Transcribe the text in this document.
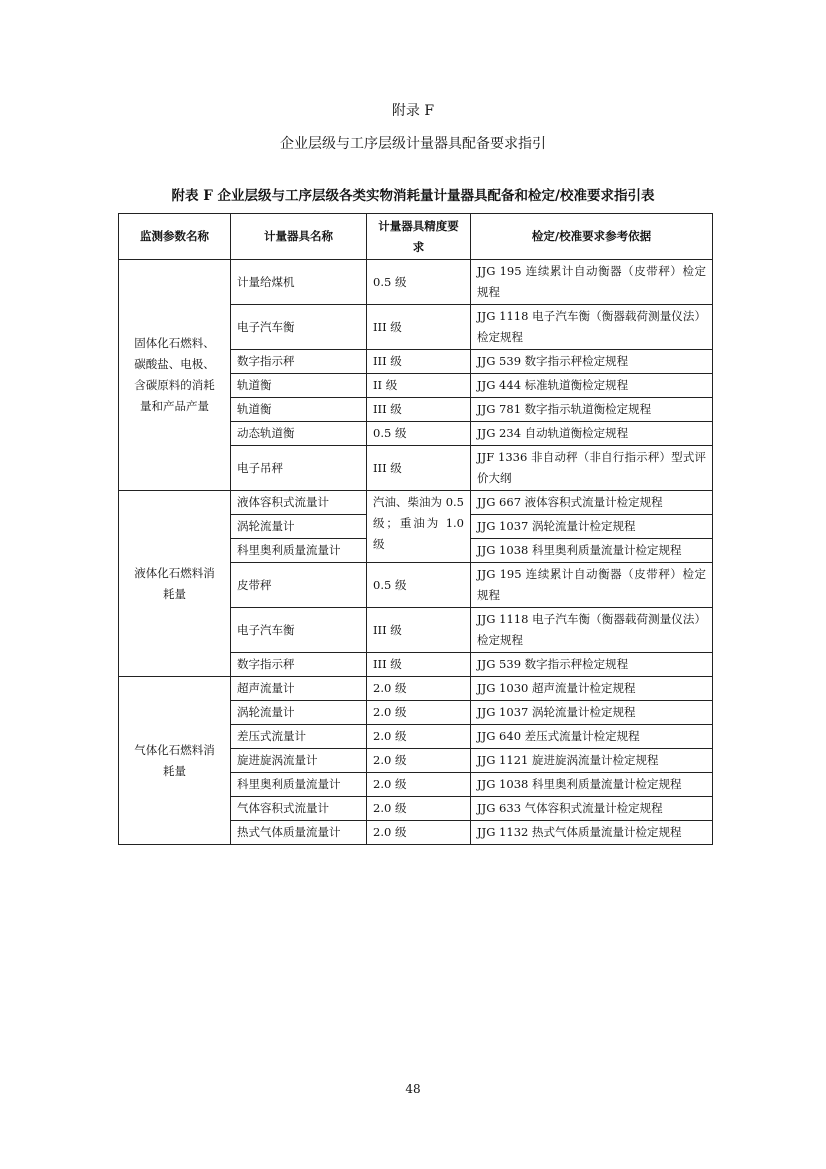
附录 F
企业层级与工序层级计量器具配备要求指引
附表 F 企业层级与工序层级各类实物消耗量计量器具配备和检定/校准要求指引表
监测参数名称	计量器具名称	计量器具精度要求	检定/校准要求参考依据
固体化石燃料、碳酸盐、电极、含碳原料的消耗量和产品产量	计量给煤机	0.5 级	JJG 195 连续累计自动衡器（皮带秤）检定规程
	电子汽车衡	III 级	JJG 1118 电子汽车衡（衡器载荷测量仪法）检定规程
	数字指示秤	III 级	JJG 539 数字指示秤检定规程
	轨道衡	II 级	JJG 444 标准轨道衡检定规程
	轨道衡	III 级	JJG 781 数字指示轨道衡检定规程
	动态轨道衡	0.5 级	JJG 234 自动轨道衡检定规程
	电子吊秤	III 级	JJF 1336 非自动秤（非自行指示秤）型式评价大纲
液体化石燃料消耗量	液体容积式流量计	汽油、柴油为 0.5 级；重油为 1.0 级	JJG 667 液体容积式流量计检定规程
	涡轮流量计		JJG 1037 涡轮流量计检定规程
	科里奥利质量流量计		JJG 1038 科里奥利质量流量计检定规程
	皮带秤	0.5 级	JJG 195 连续累计自动衡器（皮带秤）检定规程
	电子汽车衡	III 级	JJG 1118 电子汽车衡（衡器载荷测量仪法）检定规程
	数字指示秤	III 级	JJG 539 数字指示秤检定规程
气体化石燃料消耗量	超声流量计	2.0 级	JJG 1030 超声流量计检定规程
	涡轮流量计	2.0 级	JJG 1037 涡轮流量计检定规程
	差压式流量计	2.0 级	JJG 640 差压式流量计检定规程
	旋进旋涡流量计	2.0 级	JJG 1121 旋进旋涡流量计检定规程
	科里奥利质量流量计	2.0 级	JJG 1038 科里奥利质量流量计检定规程
	气体容积式流量计	2.0 级	JJG 633 气体容积式流量计检定规程
	热式气体质量流量计	2.0 级	JJG 1132 热式气体质量流量计检定规程
48
